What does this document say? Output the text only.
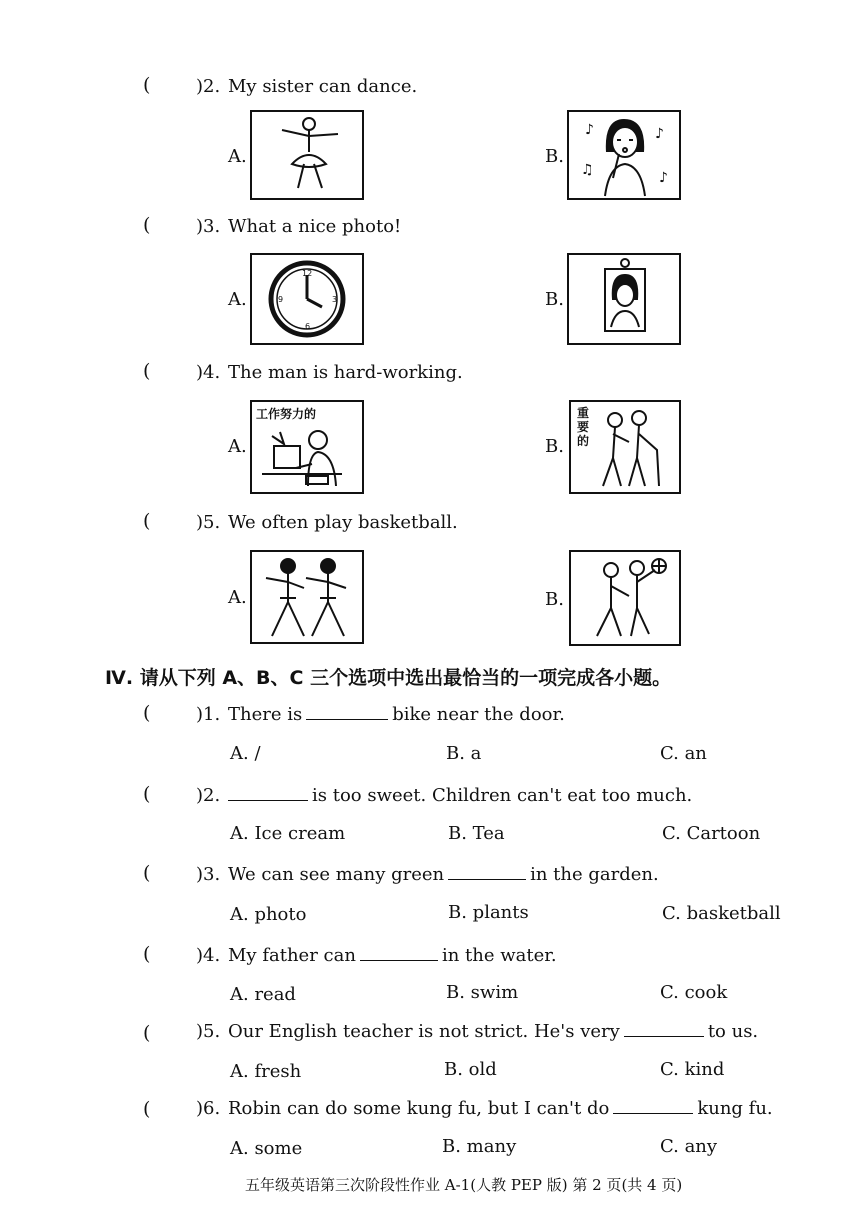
(	)2. My sister can dance.
A.	B.
♪	♪
♫	♪
(	)3. What a nice photo!
A.
12
3
6
9	B.
(	)4. The man is hard-working.
A.
工作努力的
B.
重要的
(	)5. We often play basketball.
A.	B.
Ⅳ. 请从下列 A、B、C 三个选项中选出最恰当的一项完成各小题。
(	)1. There is	bike near the door.
A. /	B. a	C. an
(	)2.	is too sweet. Children can't eat too much.
A. Ice cream	B. Tea	C. Cartoon
(	)3. We can see many green	in the garden.
A. photo	B. plants	C. basketball
(	)4. My father can	in the water.
A. read	B. swim	C. cook
(	)5. Our English teacher is not strict. He's very	to us.
A. fresh	B. old	C. kind
(	)6. Robin can do some kung fu, but I can't do	kung fu.
A. some	B. many	C. any
五年级英语第三次阶段性作业 A-1(人教 PEP 版) 第 2 页(共 4 页)
